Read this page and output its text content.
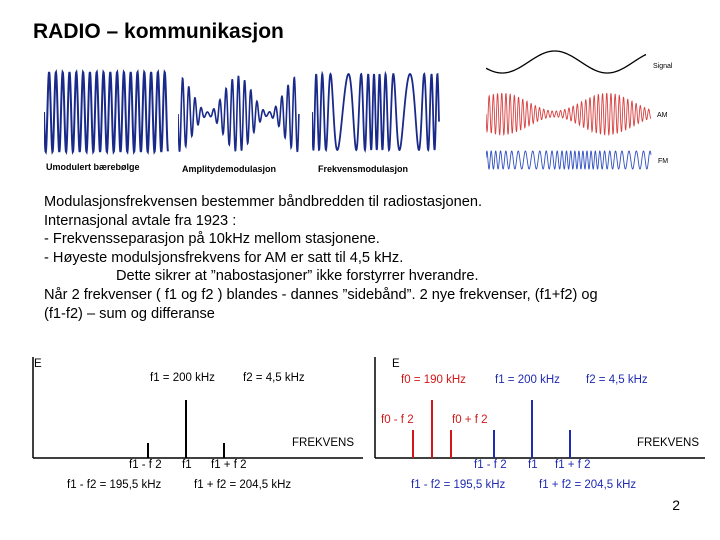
RADIO – kommunikasjon
Umodulert bærebølge	Amplitydemodulasjon	Frekvensmodulasjon
Signal
AM
FM
Modulasjonsfrekvensen bestemmer båndbredden til radiostasjonen.
Internasjonal avtale fra 1923 :
- Frekvensseparasjon på 10kHz mellom stasjonene.
- Høyeste modulsjonsfrekvens for AM er satt til 4,5 kHz.
Dette sikrer at ”nabostasjoner” ikke forstyrrer hverandre.
Når 2 frekvenser ( f1 og f2 ) blandes - dannes ”sidebånd”. 2 nye frekvenser, (f1+f2) og
(f1-f2) – sum og differanse
E
f1 = 200 kHz f2 = 4,5 kHz
FREKVENS
f1 - f 2 f1 f1 + f 2
f1 - f2 = 195,5 kHz	f1 + f2 = 204,5 kHz
E
f0 = 190 kHz	f1 = 200 kHz f2 = 4,5 kHz
f0 - f 2	f0 + f 2
FREKVENS
f1 - f 2 f1 f1 + f 2
f1 - f2 = 195,5 kHz	f1 + f2 = 204,5 kHz
2
